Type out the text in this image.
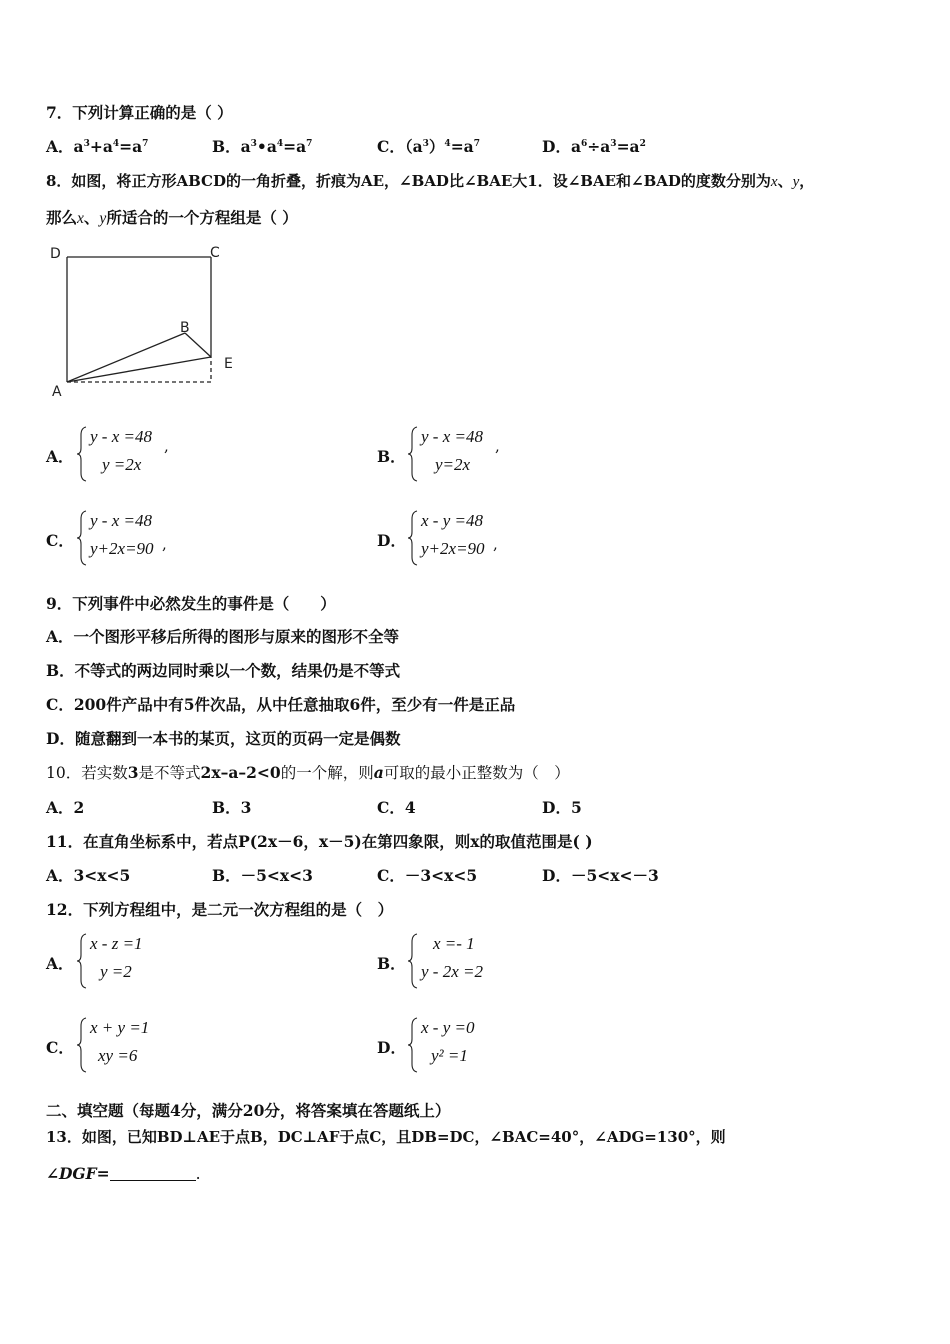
7．下列计算正确的是（ ）
A．$a^3+a^4=a^7$	B．$a^3•a^4=a^7$	C．$(a^3)^4=a^7$	D．$a^6\div a^3=a^2$
8．如图，将正方形ABCD的一角折叠，折痕为AE，∠BAD比∠BAE大1．设∠BAE和∠BAD的度数分别为x、y，
那么x、y所适合的一个方程组是（ ）
D	C
B
E
A
A．
y - x =48
y =2x
,
B．
y - x =48
y=2x
,
C．
y - x =48
y+2x=90 ,	D．
x - y =48
y+2x=90 ,
9．下列事件中必然发生的事件是（　　）
A．一个图形平移后所得的图形与原来的图形不全等
B．不等式的两边同时乘以一个数，结果仍是不等式
C．200件产品中有5件次品，从中任意抽取6件，至少有一件是正品
D．随意翻到一本书的某页，这页的页码一定是偶数
10．若实数3是不等式2x–a–2<0的一个解，则a可取的最小正整数为（　）
A．2	B．3	C．4	D．5
11．在直角坐标系中，若点P(2x－6，x－5)在第四象限，则x的取值范围是( )
A．3<x<5	B．－5<x<3	C．－3<x<5	D．－5<x<－3
12．下列方程组中，是二元一次方程组的是（　）
A．
x - z =1
y =2	B．
x =- 1
y - 2x =2
C．
x + y =1
xy =6	D．
x - y =0
y² =1
二、填空题（每题4分，满分20分，将答案填在答题纸上）
13．如图，已知BD⊥AE于点B，DC⊥AF于点C，且DB=DC，∠BAC=40°，∠ADG=130°，则
∠DGF=	.
